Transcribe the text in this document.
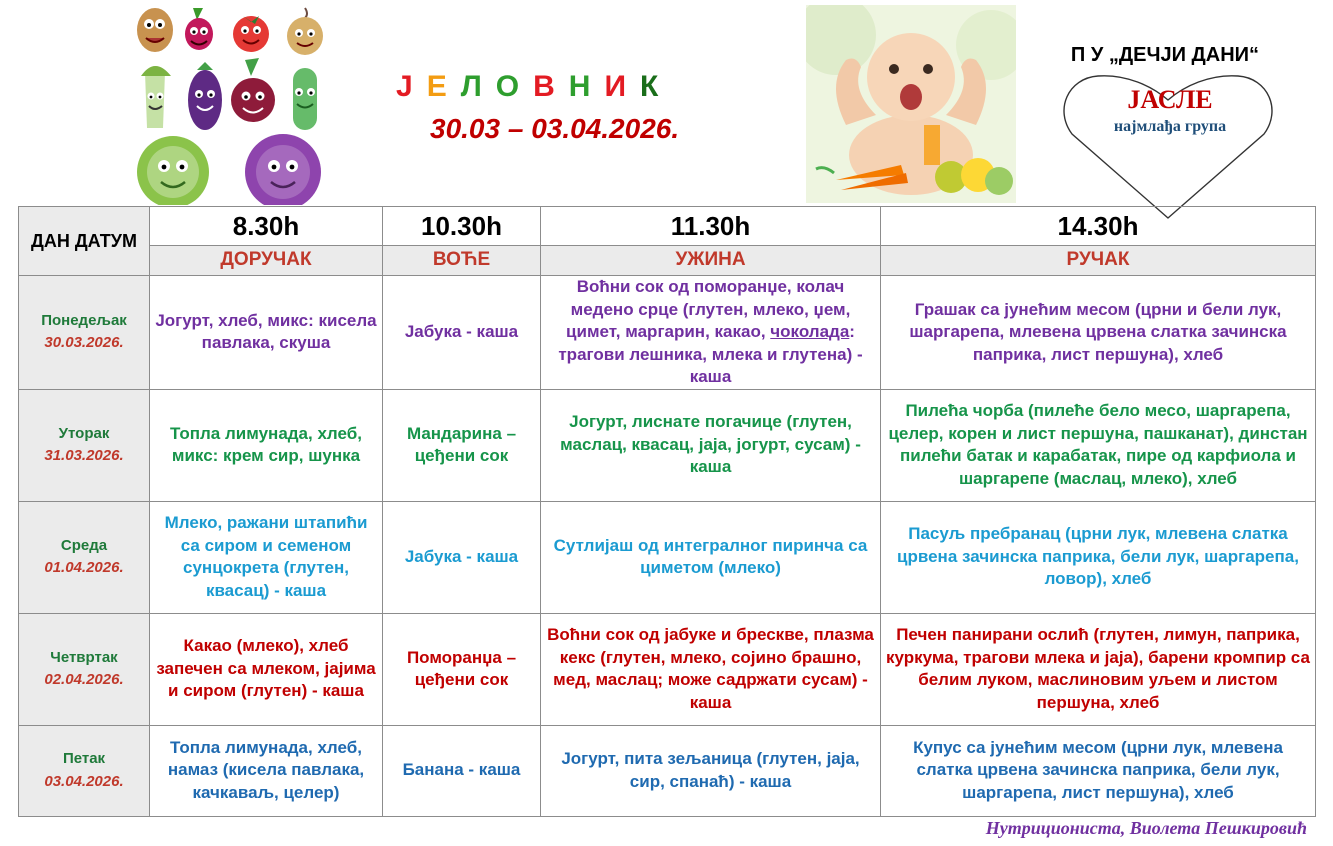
ЈЕЛОВНИК
30.03 – 03.04.2026.
П У „ДЕЧЈИ ДАНИ“
ЈАСЛЕ
најмлађа група
ДАН ДАТУМ	8.30h	10.30h	11.30h	14.30h
	ДОРУЧАК	ВОЋЕ	УЖИНА	РУЧАК

Понедељак
30.03.2026.	Јогурт, хлеб, микс: кисела павлака, скуша	Јабука - каша	Воћни сок од поморанџе, колач медено срце (глутен, млеко, џем, цимет, маргарин, какао, чоколада: трагови лешника, млека и глутена) - каша	Грашак са јунећим месом (црни и бели лук, шаргарепа, млевена црвена слатка зачинска паприка, лист першуна), хлеб

Уторак
31.03.2026.	Топла лимунада, хлеб, микс: крем сир, шунка	Мандарина – цеђени сок	Јогурт, лиснате погачице (глутен, маслац, квасац, јаја, јогурт, сусам) - каша	Пилећа чорба (пилеће бело месо, шаргарепа, целер, корен и лист першуна, пашканат), динстан пилећи батак и карабатак, пире од карфиола и шаргарепе (маслац, млеко), хлеб

Среда
01.04.2026.	Млеко, ражани штапићи са сиром и семеном сунцокрета (глутен, квасац) - каша	Јабука - каша	Сутлијаш од интегралног пиринча са циметом (млеко)	Пасуљ пребранац (црни лук, млевена слатка црвена зачинска паприка, бели лук, шаргарепа, ловор), хлеб

Четвртак
02.04.2026.	Какао (млеко), хлеб запечен са млеком, јајима и сиром (глутен) - каша	Поморанџа – цеђени сок	Воћни сок од јабуке и брескве, плазма кекс (глутен, млеко, сојино брашно, мед, маслац; може садржати сусам) - каша	Печен панирани ослић (глутен, лимун, паприка, куркума, трагови млека и јаја), барени кромпир са белим луком, маслиновим уљем и листом першуна, хлеб

Петак
03.04.2026.	Топла лимунада, хлеб, намаз (кисела павлака, качкаваљ, целер)	Банана - каша	Јогурт, пита зељаница (глутен, јаја, сир, спанаћ) - каша	Купус са јунећим месом (црни лук, млевена слатка црвена зачинска паприка, бели лук, шаргарепа, лист першуна), хлеб
Нутрициониста, Виолета Пешкировић
